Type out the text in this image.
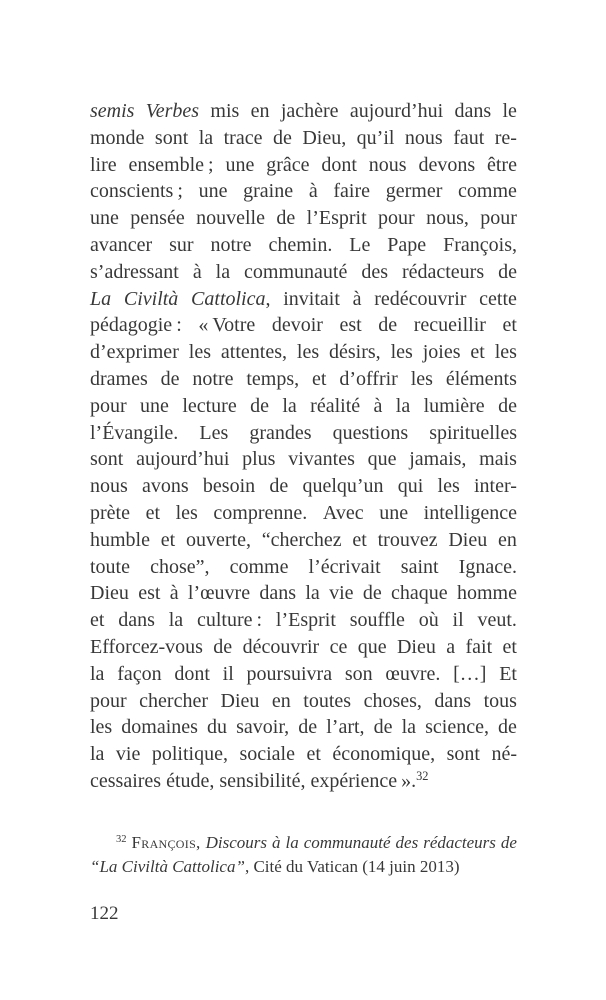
semis Verbes mis en jachère aujourd’hui dans le
monde sont la trace de Dieu, qu’il nous faut re-
lire ensemble ; une grâce dont nous devons être
conscients ; une graine à faire germer comme
une pensée nouvelle de l’Esprit pour nous, pour
avancer sur notre chemin. Le Pape François,
s’adressant à la communauté des rédacteurs de
La Civiltà Cattolica, invitait à redécouvrir cette
pédagogie : « Votre devoir est de recueillir et
d’exprimer les attentes, les désirs, les joies et les
drames de notre temps, et d’offrir les éléments
pour une lecture de la réalité à la lumière de
l’Évangile. Les grandes questions spirituelles
sont aujourd’hui plus vivantes que jamais, mais
nous avons besoin de quelqu’un qui les inter-
prète et les comprenne. Avec une intelligence
humble et ouverte, “cherchez et trouvez Dieu en
toute chose”, comme l’écrivait saint Ignace.
Dieu est à l’œuvre dans la vie de chaque homme
et dans la culture : l’Esprit souffle où il veut.
Efforcez-vous de découvrir ce que Dieu a fait et
la façon dont il poursuivra son œuvre. […] Et
pour chercher Dieu en toutes choses, dans tous
les domaines du savoir, de l’art, de la science, de
la vie politique, sociale et économique, sont né-
cessaires étude, sensibilité, expérience ».$^{32}$
$^{32}$ François, Discours à la communauté des rédacteurs de
“La Civiltà Cattolica”, Cité du Vatican (14 juin 2013)
122
